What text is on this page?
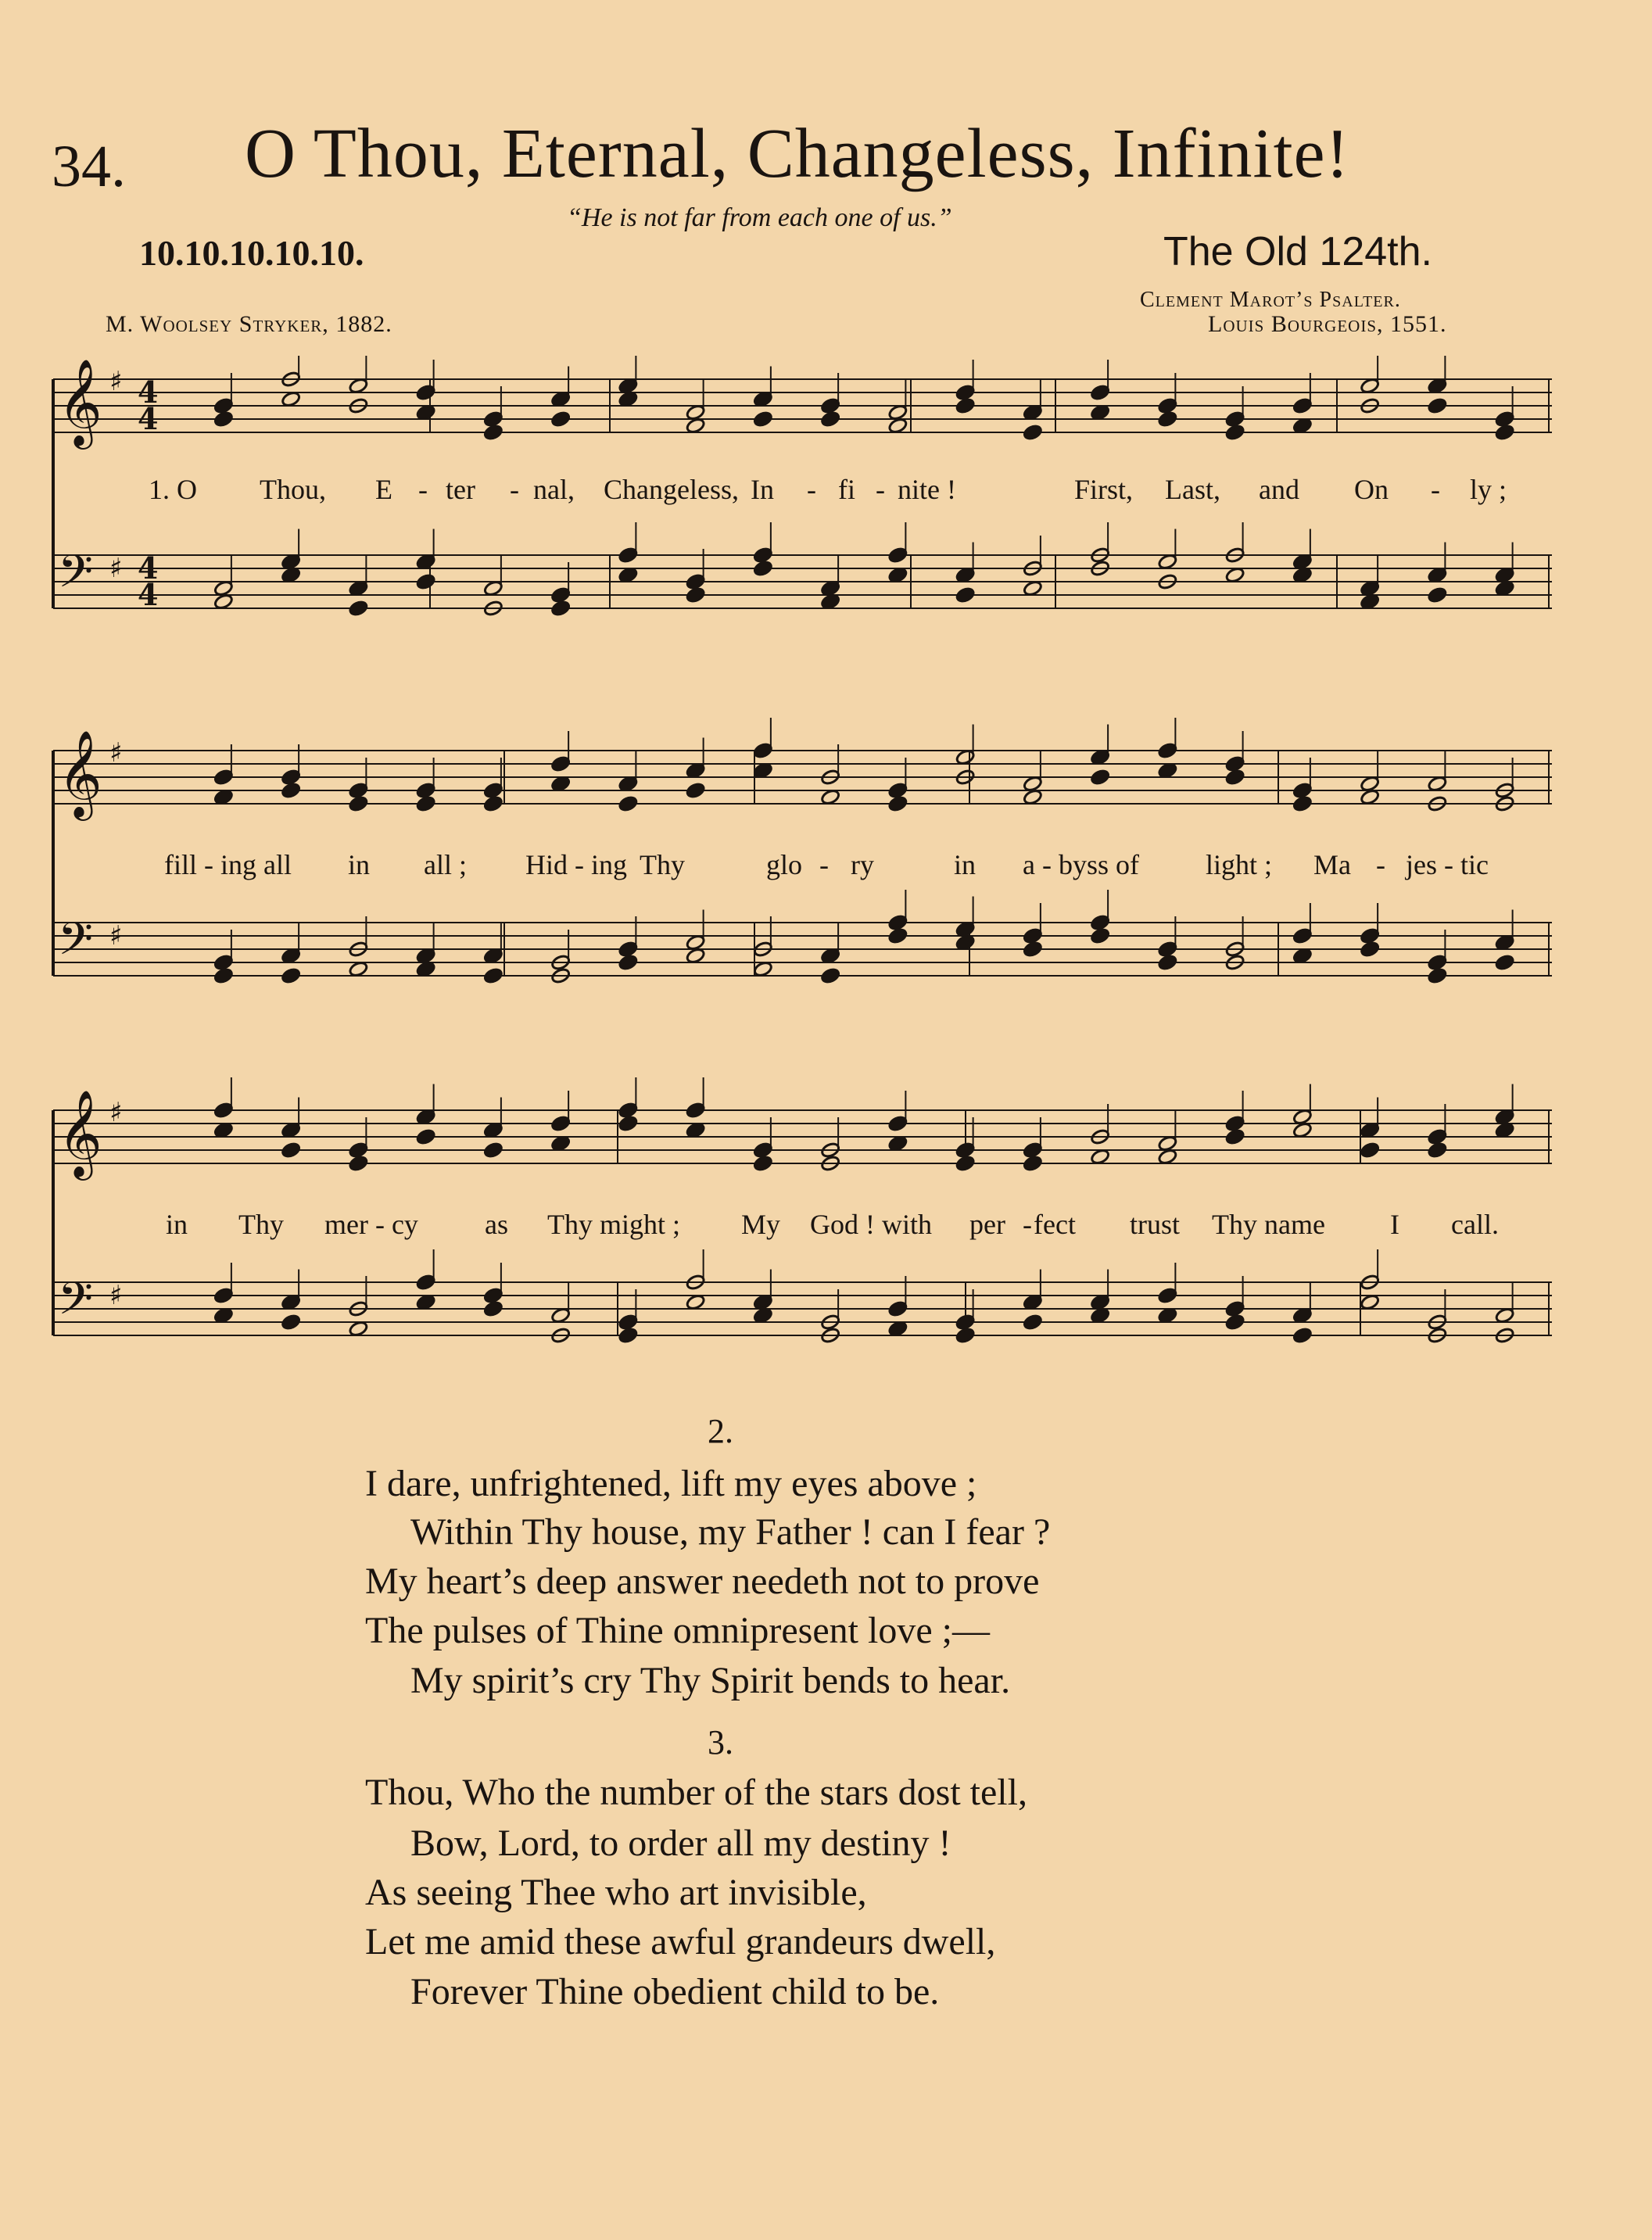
34. O Thou, Eternal, Changeless, Infinite!
“He is not far from each one of us.”
10.10.10.10.10.	The Old 124th.
Clement Marot’s Psalter.
M. Woolsey Stryker, 1882.	Louis Bourgeois, 1551.
𝄞
𝄢
♯
♯
4
4
4
4
1. O Thou, E - ter - nal, Changeless, In - fi - nite !	First, Last, and On - ly ;
𝄞
𝄢
♯
♯
fill - ing all in all ; Hid - ing Thy	glo - ry	in a - byss of light ; Ma - jes - tic
𝄞
𝄢
♯
♯
in Thy mer - cy as Thy might ; My God ! with per - fect trust Thy name I call.
2.
I dare, unfrightened, lift my eyes above ;
Within Thy house, my Father ! can I fear ?
My heart’s deep answer needeth not to prove
The pulses of Thine omnipresent love ;—
My spirit’s cry Thy Spirit bends to hear.
3.
Thou, Who the number of the stars dost tell,
Bow, Lord, to order all my destiny !
As seeing Thee who art invisible,
Let me amid these awful grandeurs dwell,
Forever Thine obedient child to be.
